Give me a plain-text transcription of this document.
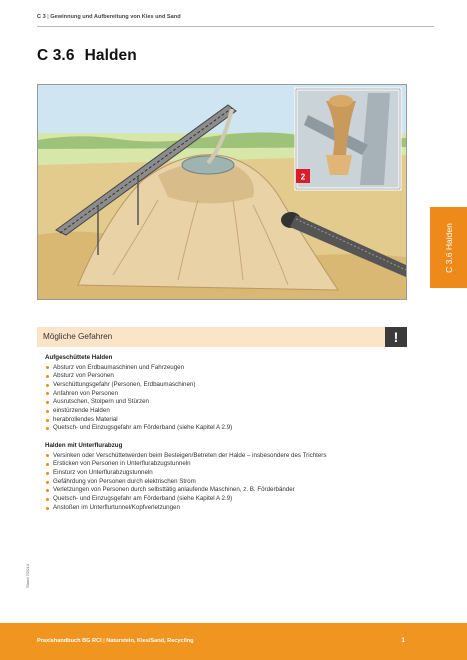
C 3 | Gewinnung und Aufbereitung von Kies und Sand
C 3.6 Halden
2
C 3.6 Halden
Mögliche Gefahren	!
Aufgeschüttete Halden
Absturz von Erdbaumaschinen und Fahrzeugen
Absturz von Personen
Verschüttungsgefahr (Personen, Erdbaumaschinen)
Anfahren von Personen
Ausrutschen, Stolpern und Stürzen
einstürzende Halden
herabrollendes Material
Quetsch- und Einzugsgefahr am Förderband (siehe Kapitel A 2.9)
Halden mit Unterflurabzug
Versinken oder Verschüttetwerden beim Besteigen/Betreten der Halde – insbesondere des Trichters
Ersticken von Personen in Unterflurabzugstunneln
Einsturz von Unterflurabzugstunneln
Gefährdung von Personen durch elektrischen Strom
Verletzungen von Personen durch selbsttätig anlaufende Maschinen, z. B. Förderbänder
Quetsch- und Einzugsgefahr am Förderband (siehe Kapitel A 2.9)
Anstoßen im Unterflurtunnel/Kopfverletzungen
Stand 7/2014
Praxishandbuch BG RCI | Naturstein, Kies/Sand, Recycling	1
